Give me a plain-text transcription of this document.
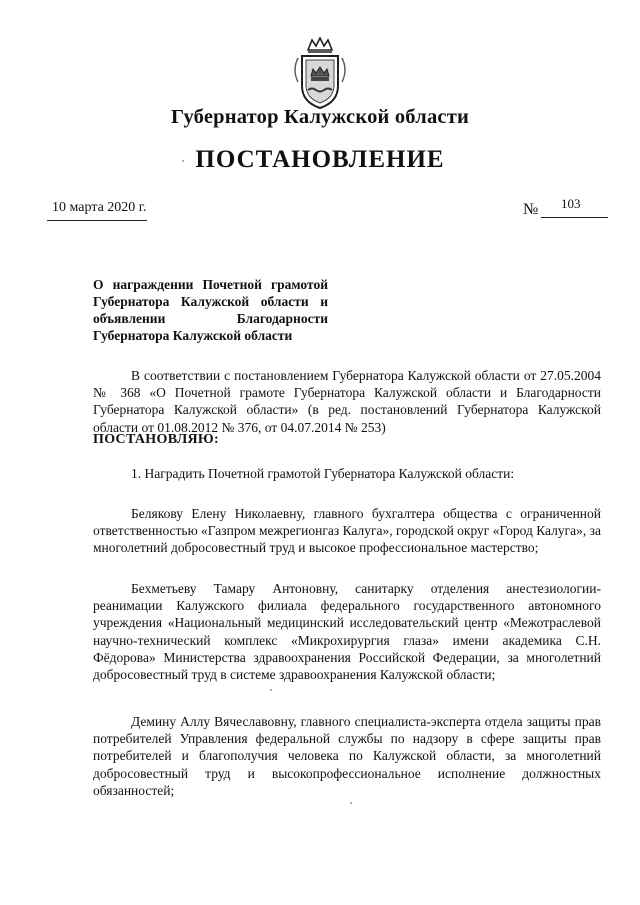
Губернатор Калужской области
ПОСТАНОВЛЕНИЕ
10 марта 2020 г.	№ 103
О награждении Почетной грамотой Губернатора Калужской области и объявлении Благодарности Губернатора Калужской области
В соответствии с постановлением Губернатора Калужской области от 27.05.2004 № 368 «О Почетной грамоте Губернатора Калужской области и Благодарности Губернатора Калужской области» (в ред. постановлений Губернатора Калужской области от 01.08.2012 № 376, от 04.07.2014 № 253)
ПОСТАНОВЛЯЮ:
1. Наградить Почетной грамотой Губернатора Калужской области:
Белякову Елену Николаевну, главного бухгалтера общества с ограниченной ответственностью «Газпром межрегионгаз Калуга», городской округ «Город Калуга», за многолетний добросовестный труд и высокое профессиональное мастерство;
Бехметьеву Тамару Антоновну, санитарку отделения анестезиологии-реанимации Калужского филиала федерального государственного автономного учреждения «Национальный медицинский исследовательский центр «Межотраслевой научно-технический комплекс «Микрохирургия глаза» имени академика С.Н. Фёдорова» Министерства здравоохранения Российской Федерации, за многолетний добросовестный труд в системе здравоохранения Калужской области;
Демину Аллу Вячеславовну, главного специалиста-эксперта отдела защиты прав потребителей Управления федеральной службы по надзору в сфере защиты прав потребителей и благополучия человека по Калужской области, за многолетний добросовестный труд и высокопрофессиональное исполнение должностных обязанностей;
